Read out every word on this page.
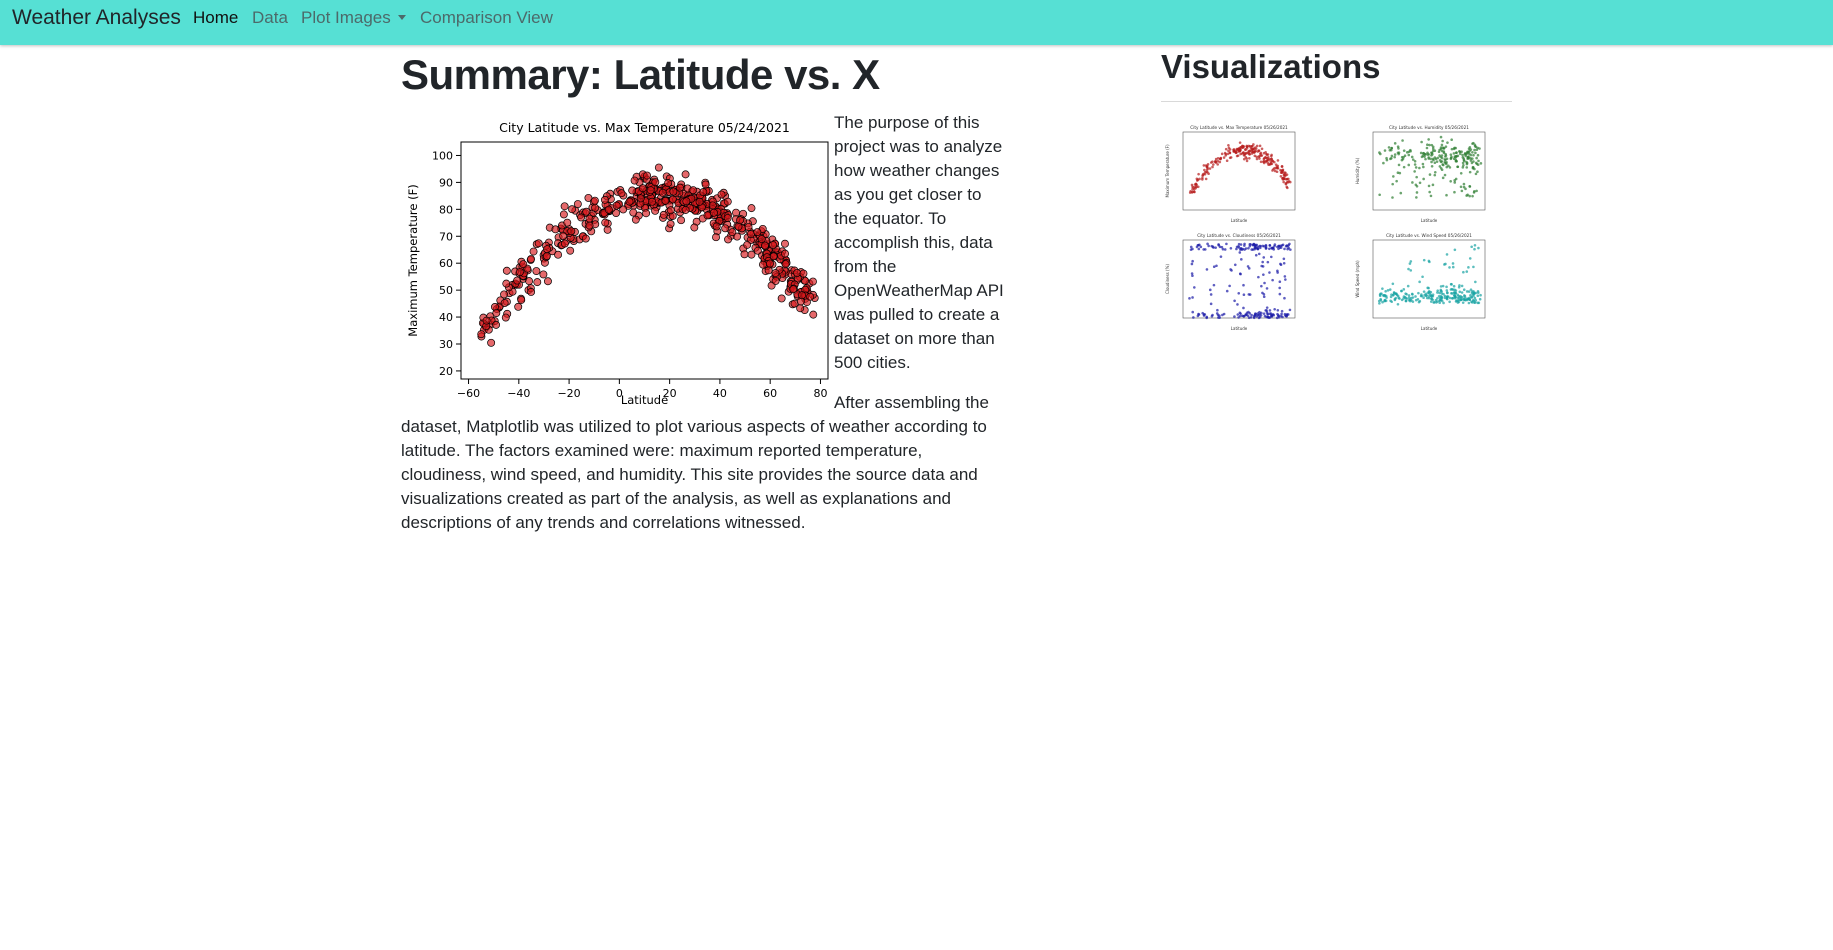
Weather Analyses Home Data Plot Images	Comparison View
Summary: Latitude vs. X
City Latitude vs. Max Temperature 05/24/2021
−60 −40 −20	0	20	40	60	80
20
30
40
50
60
70
80
90
100
Latitude
Maximum Temperature (F)

The purpose of this project was to analyze how weather changes as you get closer to the equator. To accomplish this, data from the OpenWeatherMap API was pulled to create a dataset on more than 500 cities.

After assembling the dataset, Matplotlib was utilized to plot various aspects of weather according to latitude. The factors examined were: maximum reported temperature, cloudiness, wind speed, and humidity. This site provides the source data and visualizations created as part of the analysis, as well as explanations and descriptions of any trends and correlations witnessed.

Visualizations
City Latitude vs. Max Temperature 05/26/2021
Latitude
Maximum Temperature (F)
City Latitude vs. Humidity 05/26/2021
Latitude
Humidity (%)
City Latitude vs. Cloudiness 05/26/2021
Latitude
Cloudiness (%)
City Latitude vs. Wind Speed 05/26/2021
Latitude
Wind Speed (mph)
